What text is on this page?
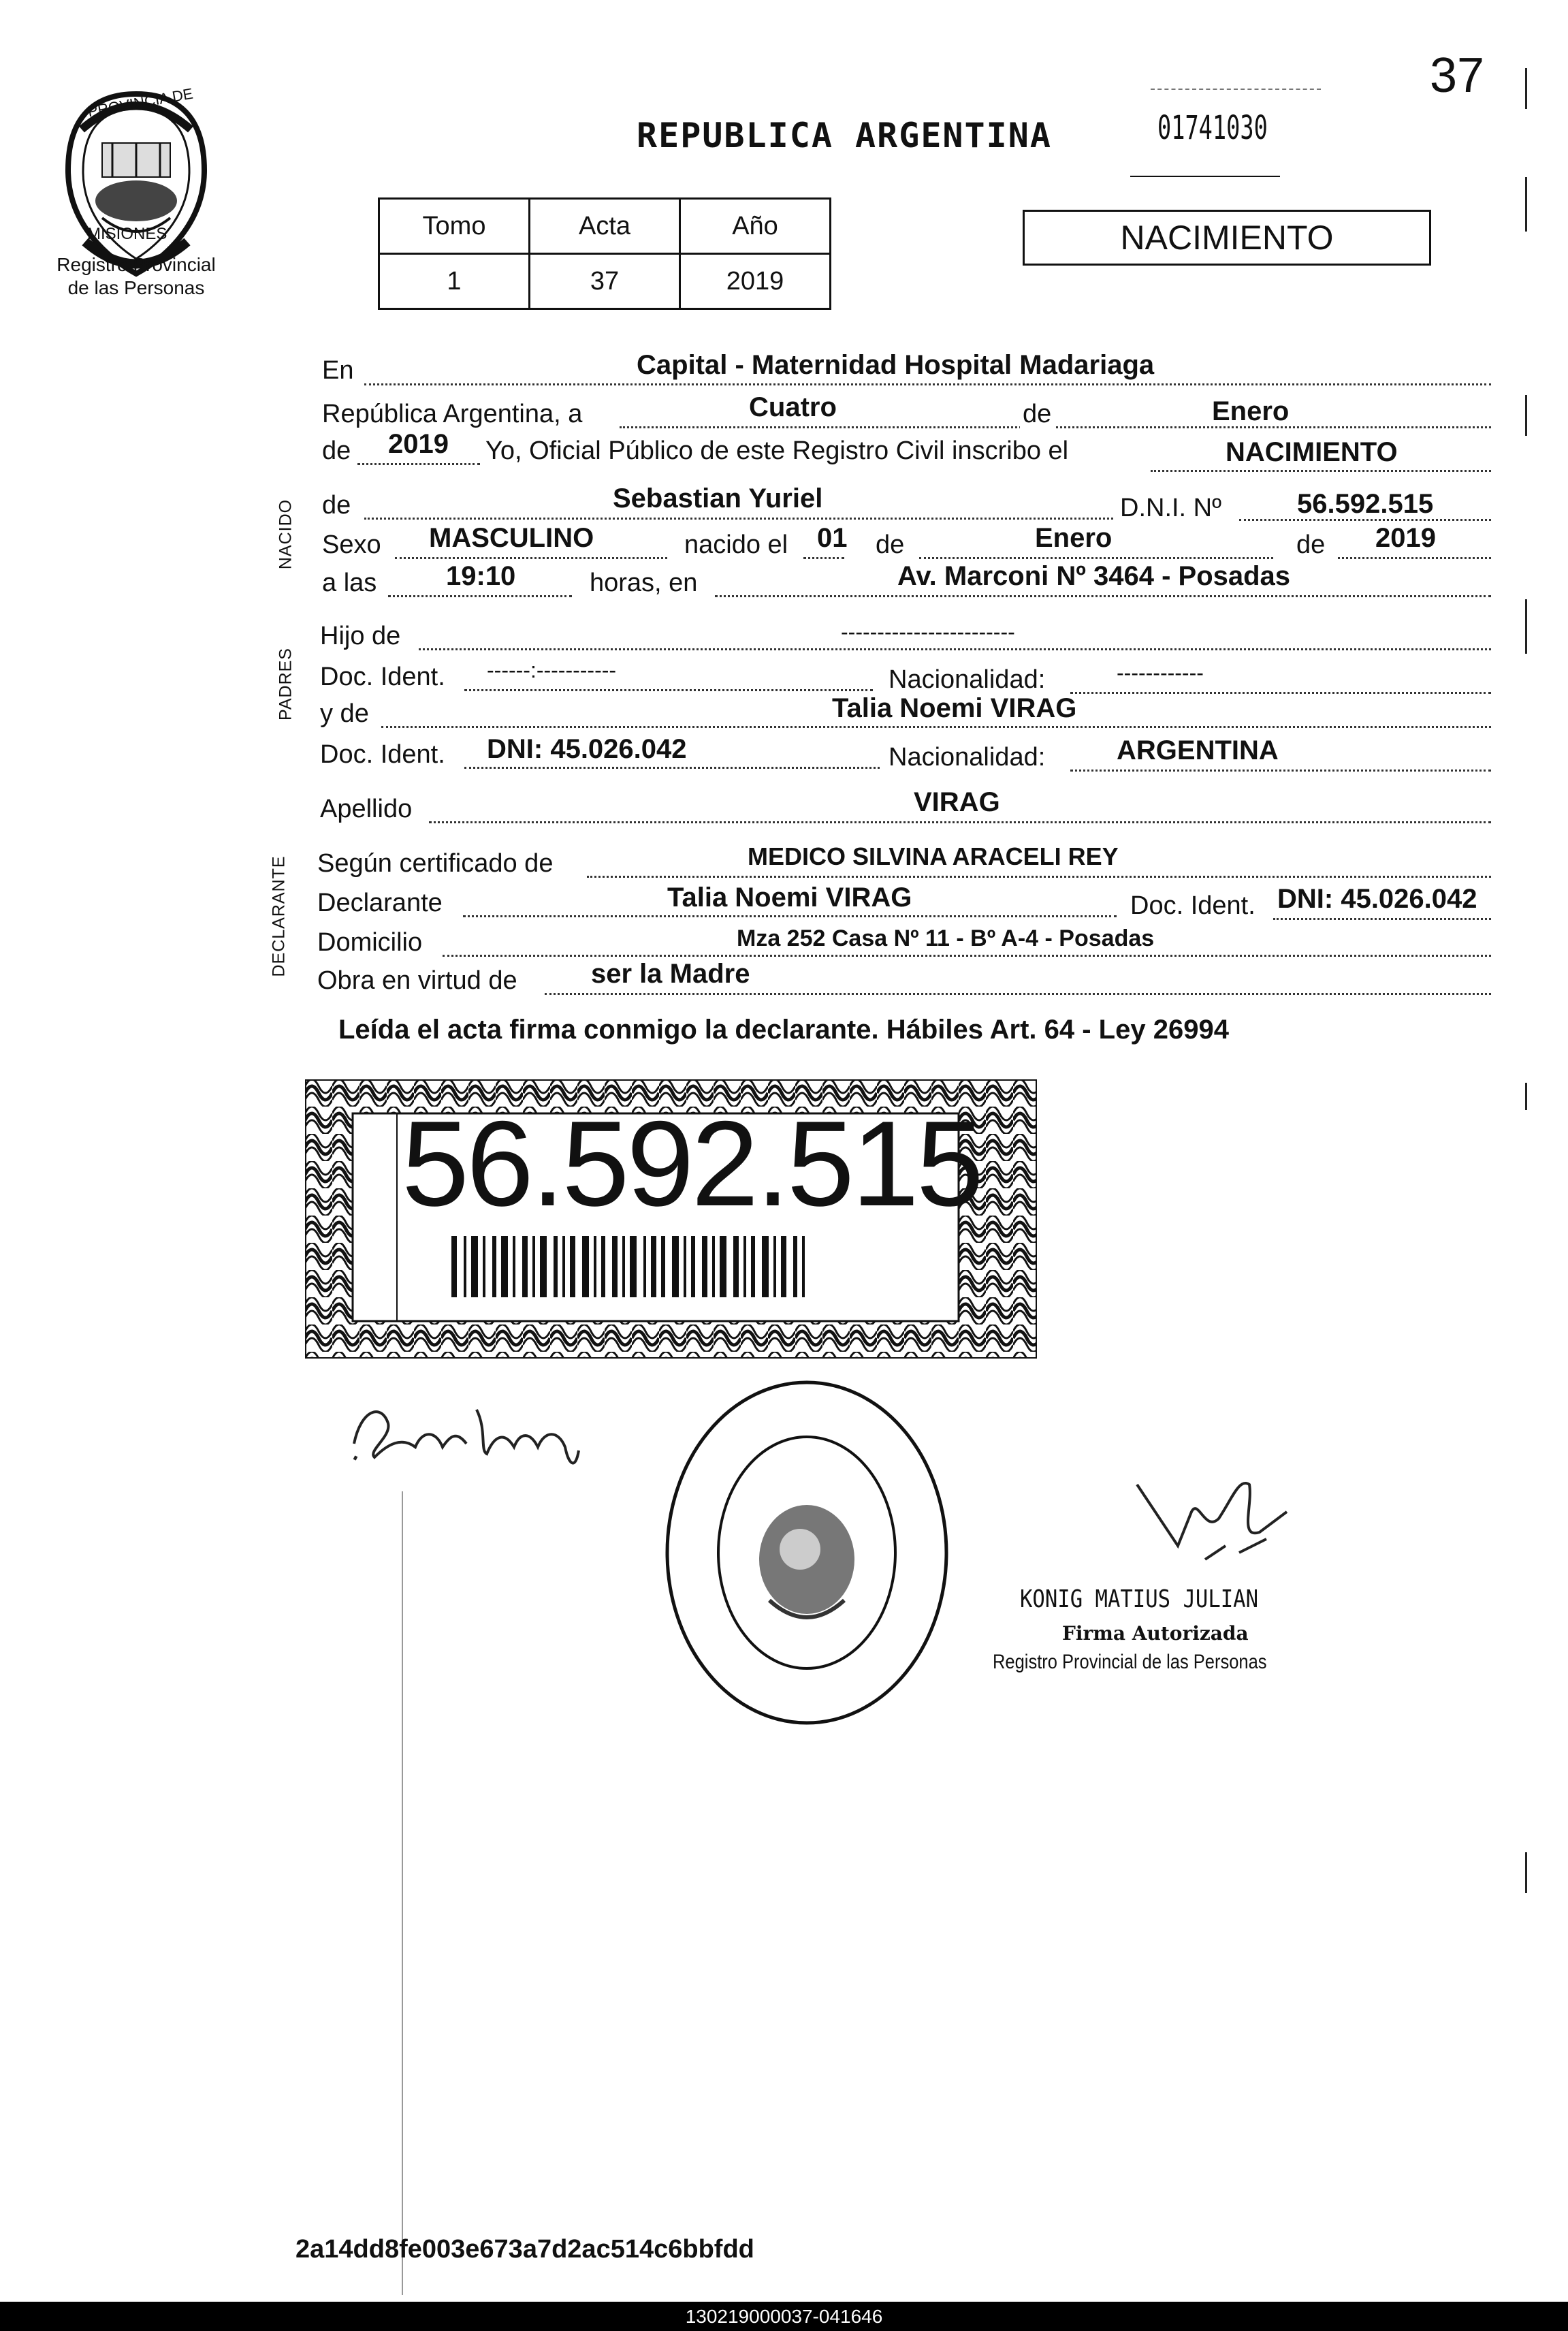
37
PROVINCIA DE
MISIONES
Registro Provincial
de las Personas
REPUBLICA ARGENTINA	01741030
Tomo	Acta	Año
1	37	2019
NACIMIENTO
NACIDO
PADRES
DECLARANTE
En	Capital - Maternidad Hospital Madariaga
República Argentina, a	Cuatro	de	Enero
de 2019 Yo, Oficial Público de este Registro Civil inscribo el	NACIMIENTO
de	Sebastian Yuriel	D.N.I. Nº	56.592.515
Sexo MASCULINO	nacido el 01 de	Enero	de 2019
a las	19:10	horas, en	Av. Marconi Nº 3464 - Posadas
Hijo de	------------------------
Doc. Ident. ------:-----------	Nacionalidad:	------------
y de	Talia Noemi VIRAG
Doc. Ident. DNI: 45.026.042	Nacionalidad:	ARGENTINA
Apellido	VIRAG
Según certificado de	MEDICO SILVINA ARACELI REY
Declarante	Talia Noemi VIRAG	Doc. Ident. DNI: 45.026.042
Domicilio	Mza 252 Casa Nº 11 - Bº A-4 - Posadas
Obra en virtud de	ser la Madre
Leída el acta firma conmigo la declarante. Hábiles Art. 64 - Ley 26994
56.592.515
KONIG MATIUS JULIAN
Firma Autorizada
Registro Provincial de las Personas
2a14dd8fe003e673a7d2ac514c6bbfdd
130219000037-041646
